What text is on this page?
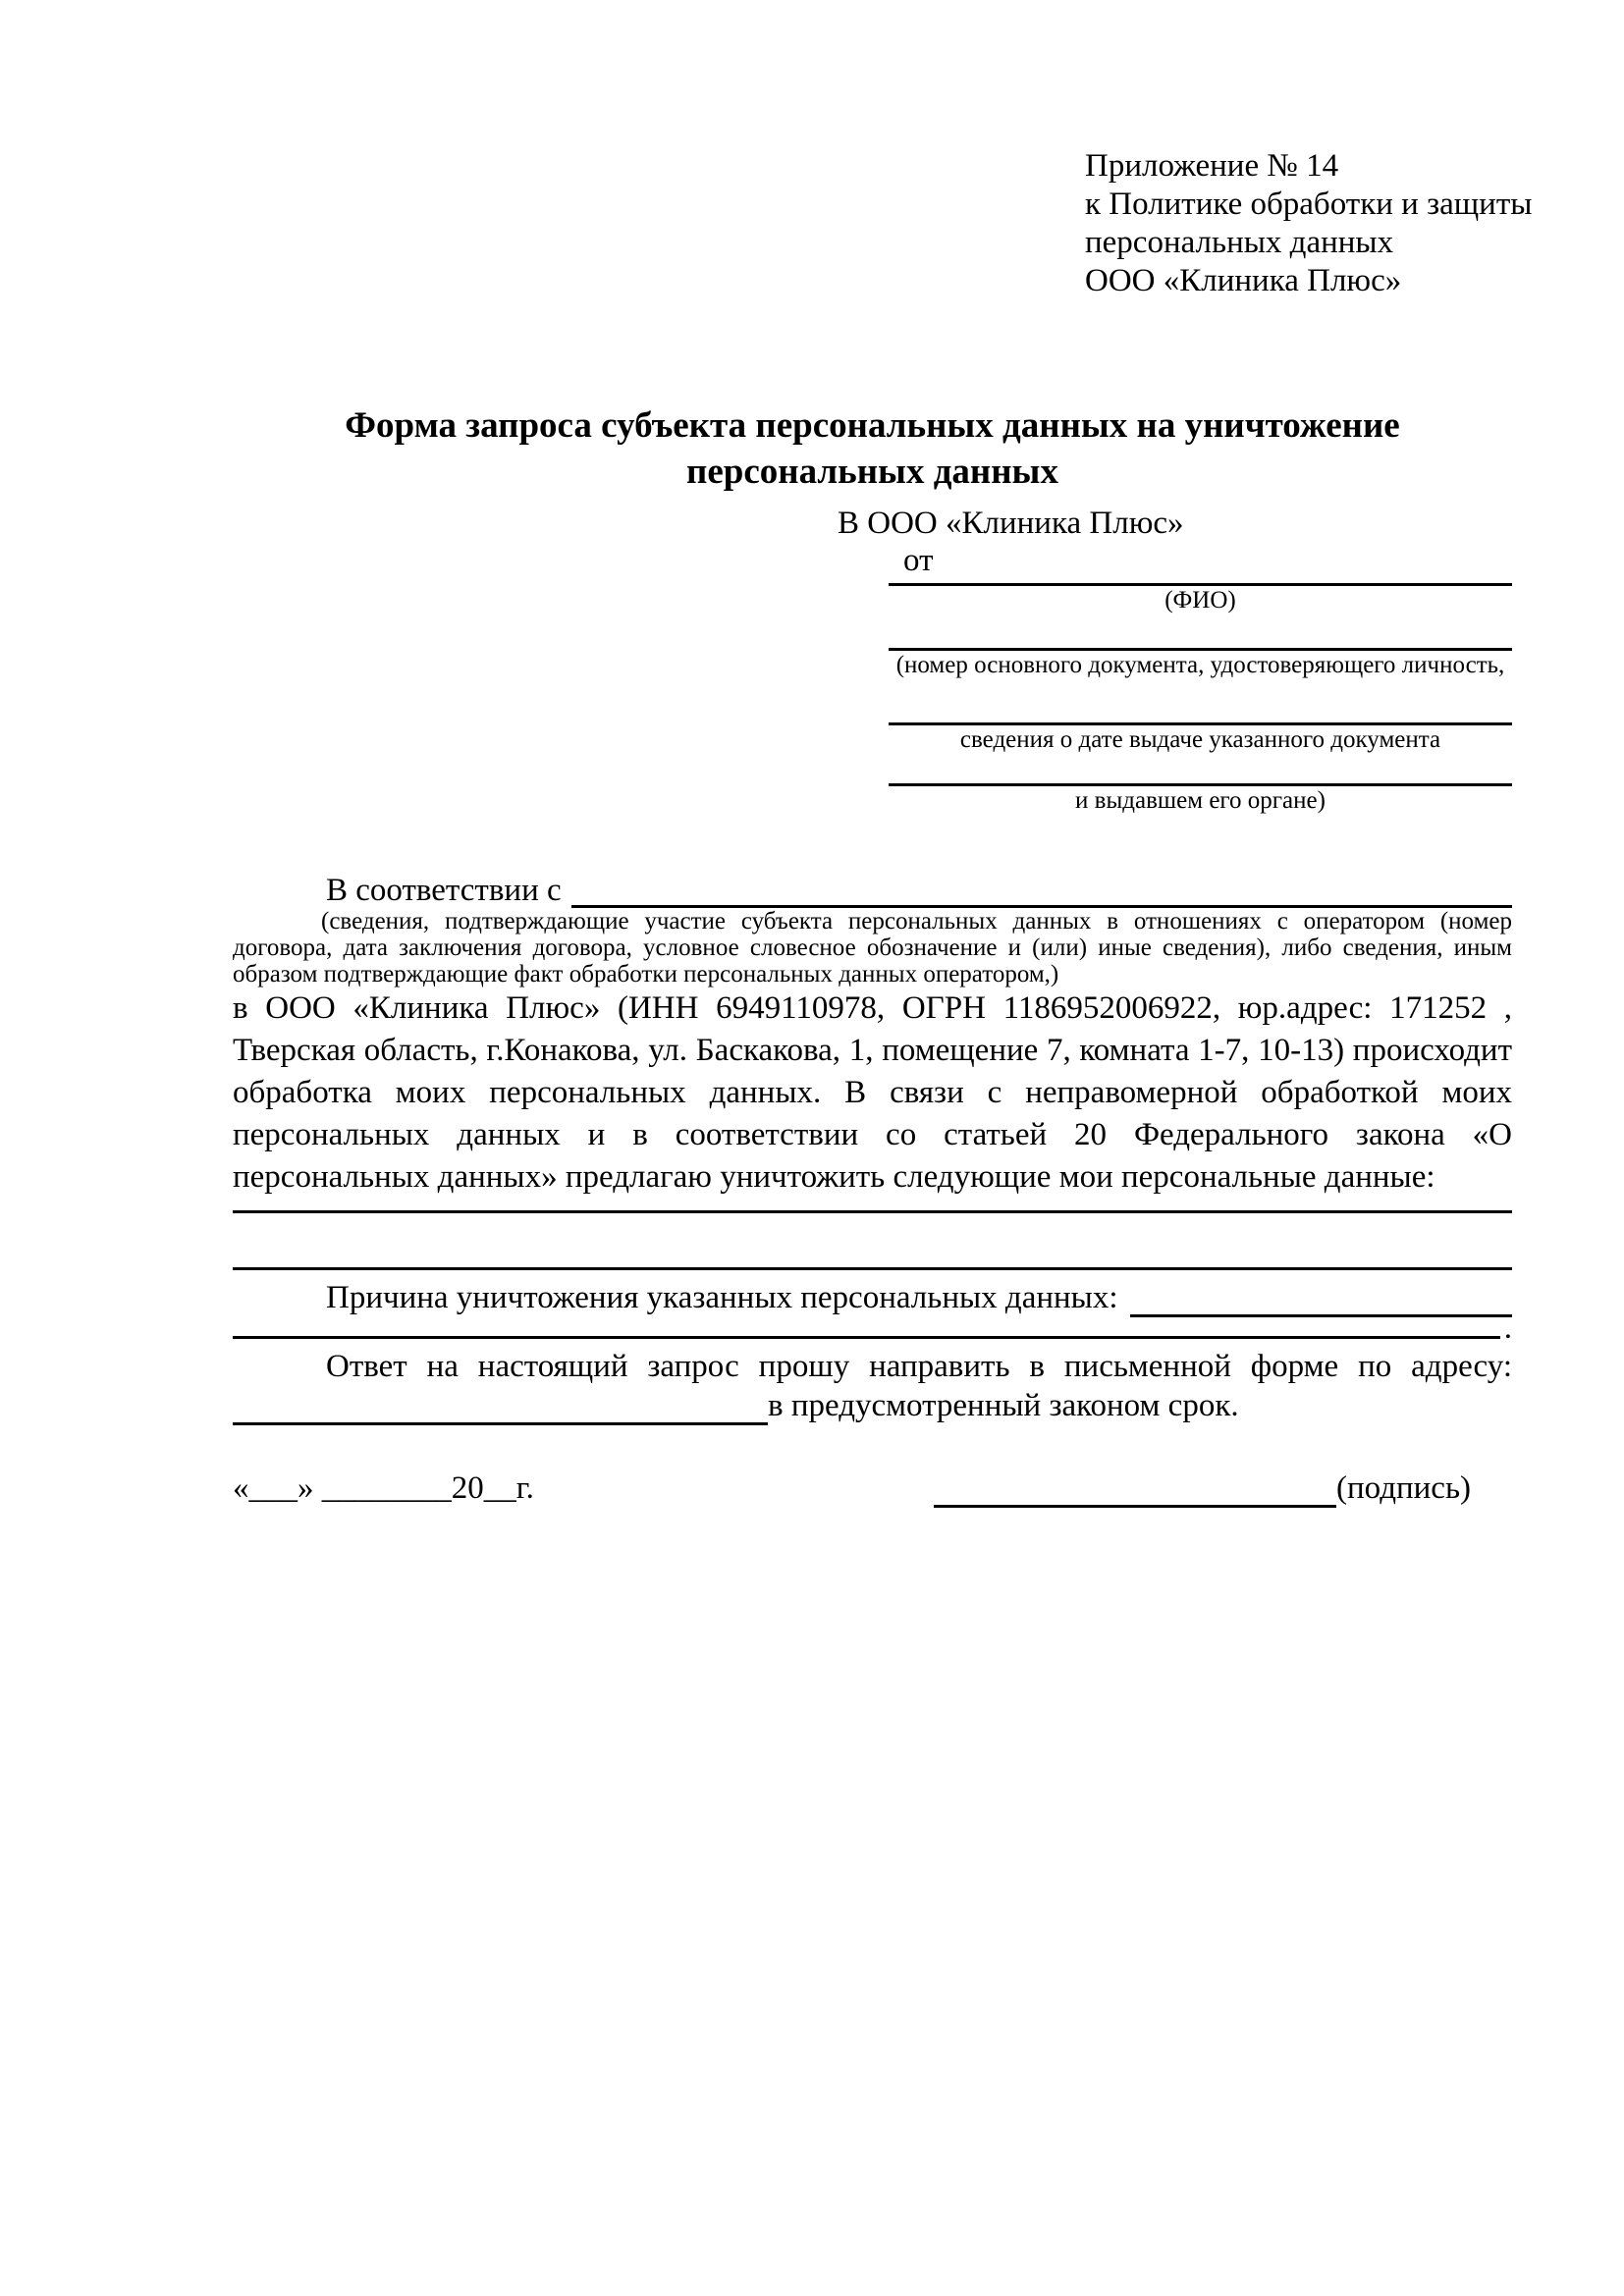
Приложение № 14
к Политике обработки и защиты
персональных данных
ООО «Клиника Плюс»
Форма запроса субъекта персональных данных на уничтожение персональных данных
В ООО «Клиника Плюс»
от
(ФИО)
(номер основного документа, удостоверяющего личность,
сведения о дате выдаче указанного документа
и выдавшем его органе)
В соответствии с
(сведения, подтверждающие участие субъекта персональных данных в отношениях с оператором (номер договора, дата заключения договора, условное словесное обозначение и (или) иные сведения), либо сведения, иным образом подтверждающие факт обработки персональных данных оператором,)
в ООО «Клиника Плюс» (ИНН 6949110978, ОГРН 1186952006922, юр.адрес: 171252 , Тверская область, г.Конакова, ул. Баскакова, 1, помещение 7, комната 1-7, 10-13) происходит обработка моих персональных данных. В связи с неправомерной обработкой моих персональных данных и в соответствии со статьей 20 Федерального закона «О персональных данных» предлагаю уничтожить следующие мои персональные данные:
Причина уничтожения указанных персональных данных:
.
Ответ на настоящий запрос прошу направить в письменной форме по адресу:
в предусмотренный законом срок.
«___» ________20__г.	(подпись)
